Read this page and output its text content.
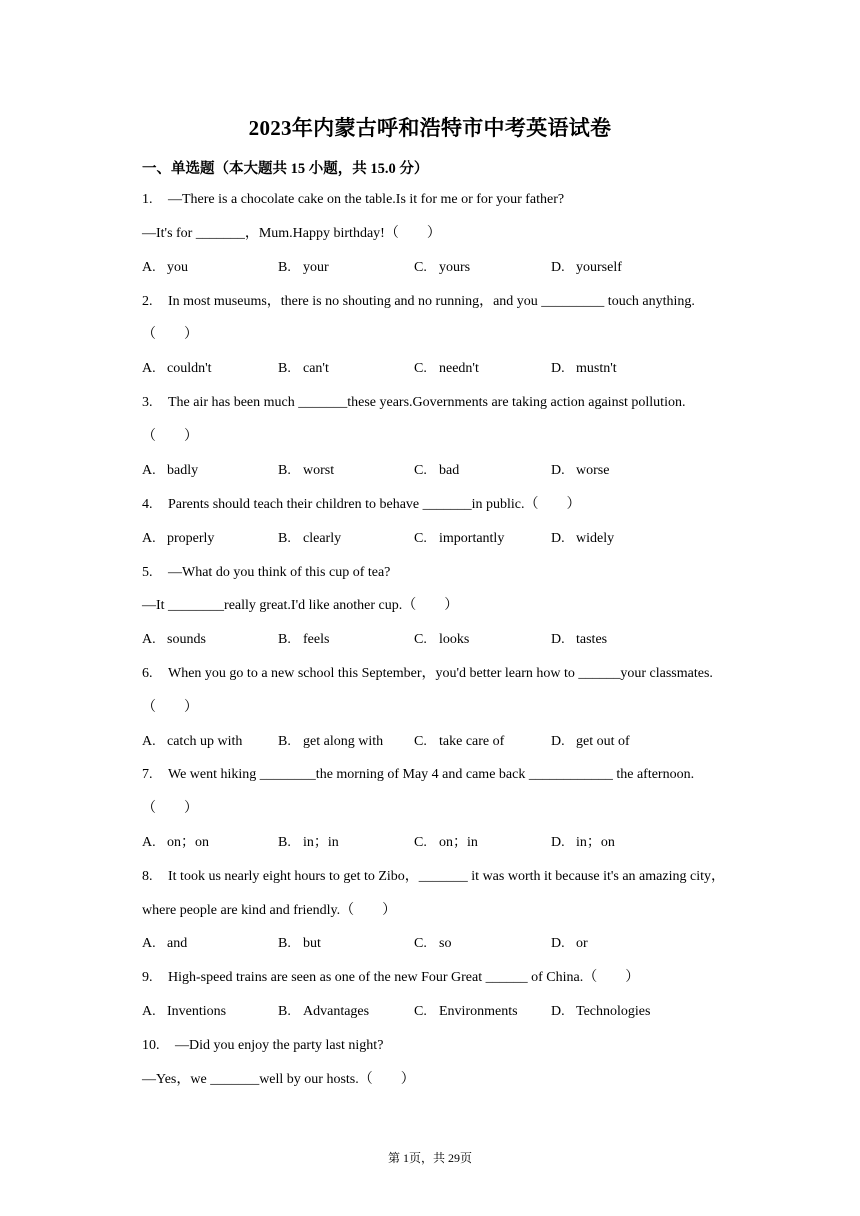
2023年内蒙古呼和浩特市中考英语试卷
一、单选题（本大题共 15 小题，共 15.0 分）
1. —There is a chocolate cake on the table.Is it for me or for your father?
—It's for _______，Mum.Happy birthday!（　　）
A. you	B. your	C. yours	D. yourself
2. In most museums，there is no shouting and no running，and you _________ touch anything.
（　　）
A. couldn't	B. can't	C. needn't	D. mustn't
3. The air has been much _______these years.Governments are taking action against pollution.
（　　）
A. badly	B. worst	C. bad	D. worse
4. Parents should teach their children to behave _______in public.（　　）
A. properly	B. clearly	C. importantly	D. widely
5. —What do you think of this cup of tea?
—It ________really great.I'd like another cup.（　　）
A. sounds	B. feels	C. looks	D. tastes
6. When you go to a new school this September，you'd better learn how to ______your classmates.
（　　）
A. catch up with	B. get along with C. take care of	D. get out of
7. We went hiking ________the morning of May 4 and came back ____________ the afternoon.
（　　）
A. on；on	B. in；in	C. on；in	D. in；on
8. It took us nearly eight hours to get to Zibo，_______ it was worth it because it's an amazing city，
where people are kind and friendly.（　　）
A. and	B. but	C. so	D. or
9. High-speed trains are seen as one of the new Four Great ______ of China.（　　）
A. Inventions	B. Advantages	C. Environments D. Technologies
10. —Did you enjoy the party last night?
—Yes，we _______well by our hosts.（　　）
第 1页，共 29页
